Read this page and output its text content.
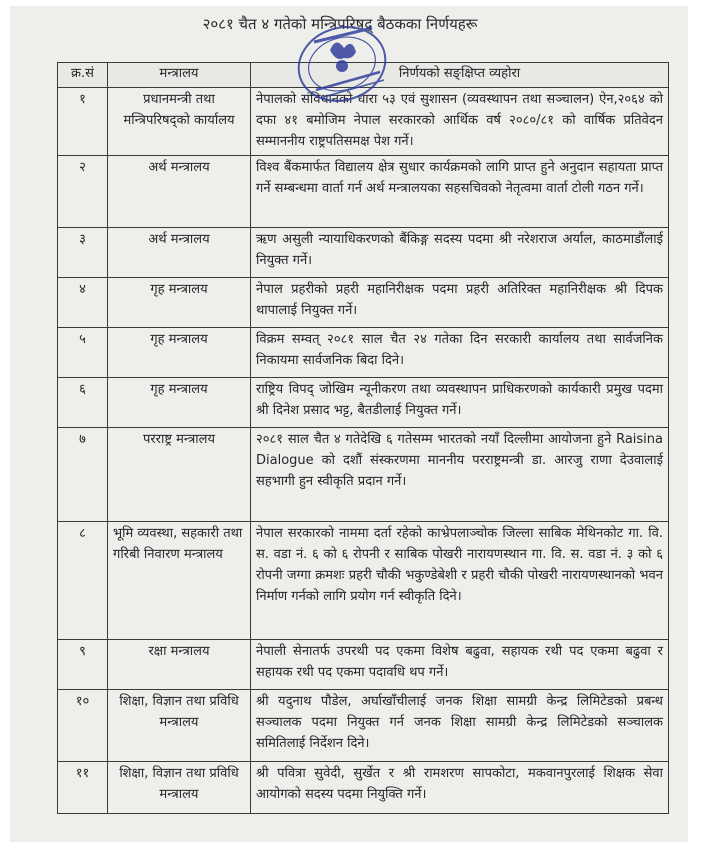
२०८१ चैत ४ गतेको मन्त्रिपरिषद् बैठकका निर्णयहरू
क्र.सं	मन्त्रालय	निर्णयको सङ्क्षिप्त व्यहोरा
१	प्रधानमन्त्री तथा मन्त्रिपरिषद्को कार्यालय	नेपालको संविधानको धारा ५३ एवं सुशासन (व्यवस्थापन तथा सञ्चालन) ऐन,२०६४ को दफा ४१ बमोजिम नेपाल सरकारको आर्थिक वर्ष २०८०/८१ को वार्षिक प्रतिवेदन सम्माननीय राष्ट्रपतिसमक्ष पेश गर्ने।
२	अर्थ मन्त्रालय	विश्व बैंकमार्फत विद्यालय क्षेत्र सुधार कार्यक्रमको लागि प्राप्त हुने अनुदान सहायता प्राप्त गर्ने सम्बन्धमा वार्ता गर्न अर्थ मन्त्रालयका सहसचिवको नेतृत्वमा वार्ता टोली गठन गर्ने।
३	अर्थ मन्त्रालय	ऋण असुली न्यायाधिकरणको बैंकिङ्ग सदस्य पदमा श्री नरेशराज अर्याल, काठमाडौंलाई नियुक्त गर्ने।
४	गृह मन्त्रालय	नेपाल प्रहरीको प्रहरी महानिरीक्षक पदमा प्रहरी अतिरिक्त महानिरीक्षक श्री दिपक थापालाई नियुक्त गर्ने।
५	गृह मन्त्रालय	विक्रम सम्वत् २०८१ साल चैत २४ गतेका दिन सरकारी कार्यालय तथा सार्वजनिक निकायमा सार्वजनिक बिदा दिने।
६	गृह मन्त्रालय	राष्ट्रिय विपद् जोखिम न्यूनीकरण तथा व्यवस्थापन प्राधिकरणको कार्यकारी प्रमुख पदमा श्री दिनेश प्रसाद भट्ट, बैतडीलाई नियुक्त गर्ने।
७	परराष्ट्र मन्त्रालय	२०८१ साल चैत ४ गतेदेखि ६ गतेसम्म भारतको नयाँ दिल्लीमा आयोजना हुने Raisina Dialogue को दशौं संस्करणमा माननीय परराष्ट्रमन्त्री डा. आरजु राणा देउवालाई सहभागी हुन स्वीकृति प्रदान गर्ने।
८	भूमि व्यवस्था, सहकारी तथा गरिबी निवारण मन्त्रालय	नेपाल सरकारको नाममा दर्ता रहेको काभ्रेपलाञ्चोक जिल्ला साबिक मेथिनकोट गा. वि. स. वडा नं. ६ को ६ रोपनी र साबिक पोखरी नारायणस्थान गा. वि. स. वडा नं. ३ को ६ रोपनी जग्गा क्रमशः प्रहरी चौकी भकुण्डेबेशी र प्रहरी चौकी पोखरी नारायणस्थानको भवन निर्माण गर्नको लागि प्रयोग गर्न स्वीकृति दिने।
९	रक्षा मन्त्रालय	नेपाली सेनातर्फ उपरथी पद एकमा विशेष बढुवा, सहायक रथी पद एकमा बढुवा र सहायक रथी पद एकमा पदावधि थप गर्ने।
१०	शिक्षा, विज्ञान तथा प्रविधि मन्त्रालय	श्री यदुनाथ पौडेल, अर्घाखाँचीलाई जनक शिक्षा सामग्री केन्द्र लिमिटेडको प्रबन्ध सञ्चालक पदमा नियुक्त गर्न जनक शिक्षा सामग्री केन्द्र लिमिटेडको सञ्चालक समितिलाई निर्देशन दिने।
११	शिक्षा, विज्ञान तथा प्रविधि मन्त्रालय	श्री पवित्रा सुवेदी, सुर्खेत र श्री रामशरण सापकोटा, मकवानपुरलाई शिक्षक सेवा आयोगको सदस्य पदमा नियुक्ति गर्ने।
